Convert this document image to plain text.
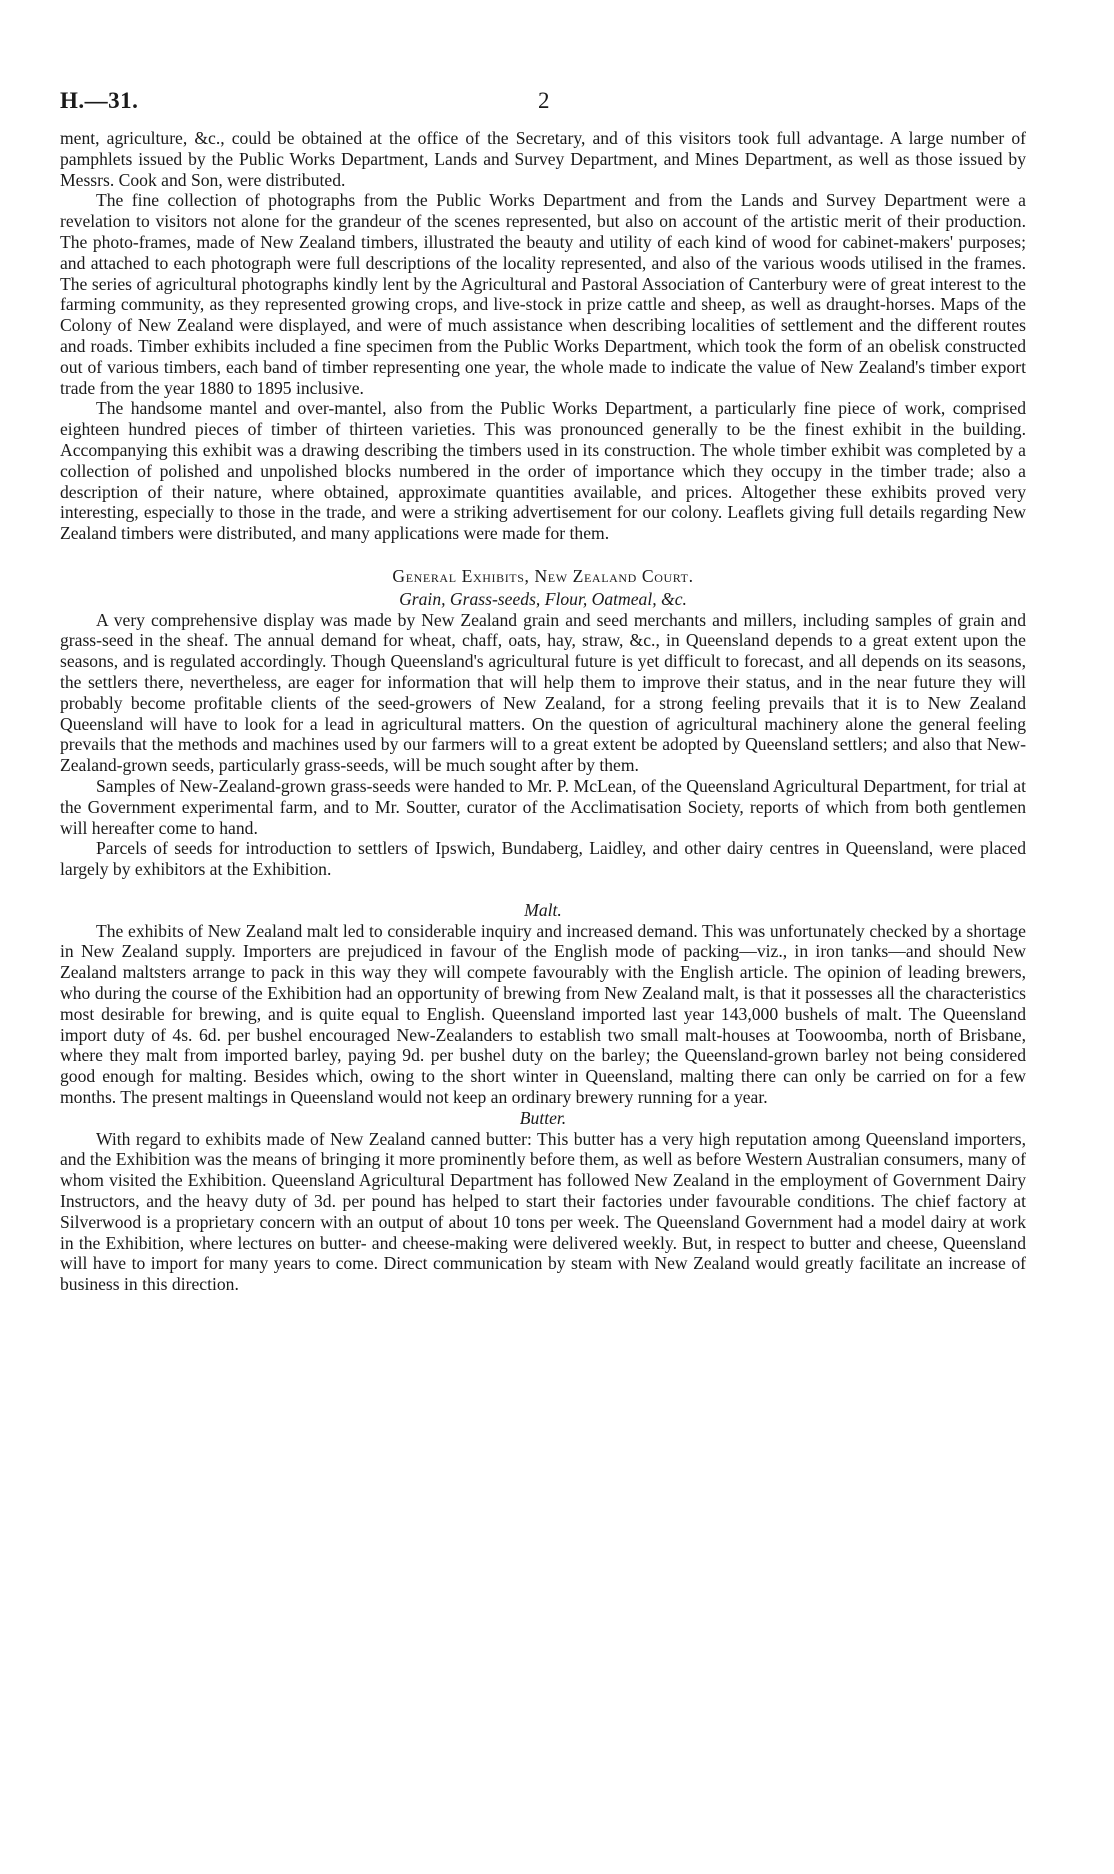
H.—31.	2

ment, agriculture, &c., could be obtained at the office of the Secretary, and of this visitors took full advantage. A large number of pamphlets issued by the Public Works Department, Lands and Survey Department, and Mines Department, as well as those issued by Messrs. Cook and Son, were distributed.

The fine collection of photographs from the Public Works Department and from the Lands and Survey Department were a revelation to visitors not alone for the grandeur of the scenes represented, but also on account of the artistic merit of their production. The photo-frames, made of New Zealand timbers, illustrated the beauty and utility of each kind of wood for cabinet-makers' purposes; and attached to each photograph were full descriptions of the locality represented, and also of the various woods utilised in the frames. The series of agricultural photographs kindly lent by the Agricultural and Pastoral Association of Canterbury were of great interest to the farming community, as they represented growing crops, and live-stock in prize cattle and sheep, as well as draught-horses. Maps of the Colony of New Zealand were displayed, and were of much assistance when describing localities of settlement and the different routes and roads. Timber exhibits included a fine specimen from the Public Works Department, which took the form of an obelisk constructed out of various timbers, each band of timber representing one year, the whole made to indicate the value of New Zealand's timber export trade from the year 1880 to 1895 inclusive.

The handsome mantel and over-mantel, also from the Public Works Department, a particularly fine piece of work, comprised eighteen hundred pieces of timber of thirteen varieties. This was pronounced generally to be the finest exhibit in the building. Accompanying this exhibit was a drawing describing the timbers used in its construction. The whole timber exhibit was completed by a collection of polished and unpolished blocks numbered in the order of importance which they occupy in the timber trade; also a description of their nature, where obtained, approximate quantities available, and prices. Altogether these exhibits proved very interesting, especially to those in the trade, and were a striking advertisement for our colony. Leaflets giving full details regarding New Zealand timbers were distributed, and many applications were made for them.

General Exhibits, New Zealand Court.
Grain, Grass-seeds, Flour, Oatmeal, &c.

A very comprehensive display was made by New Zealand grain and seed merchants and millers, including samples of grain and grass-seed in the sheaf. The annual demand for wheat, chaff, oats, hay, straw, &c., in Queensland depends to a great extent upon the seasons, and is regulated accordingly. Though Queensland's agricultural future is yet difficult to forecast, and all depends on its seasons, the settlers there, nevertheless, are eager for information that will help them to improve their status, and in the near future they will probably become profitable clients of the seed-growers of New Zealand, for a strong feeling prevails that it is to New Zealand Queensland will have to look for a lead in agricultural matters. On the question of agricultural machinery alone the general feeling prevails that the methods and machines used by our farmers will to a great extent be adopted by Queensland settlers; and also that New-Zealand-grown seeds, particularly grass-seeds, will be much sought after by them.

Samples of New-Zealand-grown grass-seeds were handed to Mr. P. McLean, of the Queensland Agricultural Department, for trial at the Government experimental farm, and to Mr. Soutter, curator of the Acclimatisation Society, reports of which from both gentlemen will hereafter come to hand.

Parcels of seeds for introduction to settlers of Ipswich, Bundaberg, Laidley, and other dairy centres in Queensland, were placed largely by exhibitors at the Exhibition.

Malt.

The exhibits of New Zealand malt led to considerable inquiry and increased demand. This was unfortunately checked by a shortage in New Zealand supply. Importers are prejudiced in favour of the English mode of packing—viz., in iron tanks—and should New Zealand maltsters arrange to pack in this way they will compete favourably with the English article. The opinion of leading brewers, who during the course of the Exhibition had an opportunity of brewing from New Zealand malt, is that it possesses all the characteristics most desirable for brewing, and is quite equal to English. Queensland imported last year 143,000 bushels of malt. The Queensland import duty of 4s. 6d. per bushel encouraged New-Zealanders to establish two small malt-houses at Toowoomba, north of Brisbane, where they malt from imported barley, paying 9d. per bushel duty on the barley; the Queensland-grown barley not being considered good enough for malting. Besides which, owing to the short winter in Queensland, malting there can only be carried on for a few months. The present maltings in Queensland would not keep an ordinary brewery running for a year.

Butter.

With regard to exhibits made of New Zealand canned butter: This butter has a very high reputation among Queensland importers, and the Exhibition was the means of bringing it more prominently before them, as well as before Western Australian consumers, many of whom visited the Exhibition. Queensland Agricultural Department has followed New Zealand in the employment of Government Dairy Instructors, and the heavy duty of 3d. per pound has helped to start their factories under favourable conditions. The chief factory at Silverwood is a proprietary concern with an output of about 10 tons per week. The Queensland Government had a model dairy at work in the Exhibition, where lectures on butter- and cheese-making were delivered weekly. But, in respect to butter and cheese, Queensland will have to import for many years to come. Direct communication by steam with New Zealand would greatly facilitate an increase of business in this direction.
